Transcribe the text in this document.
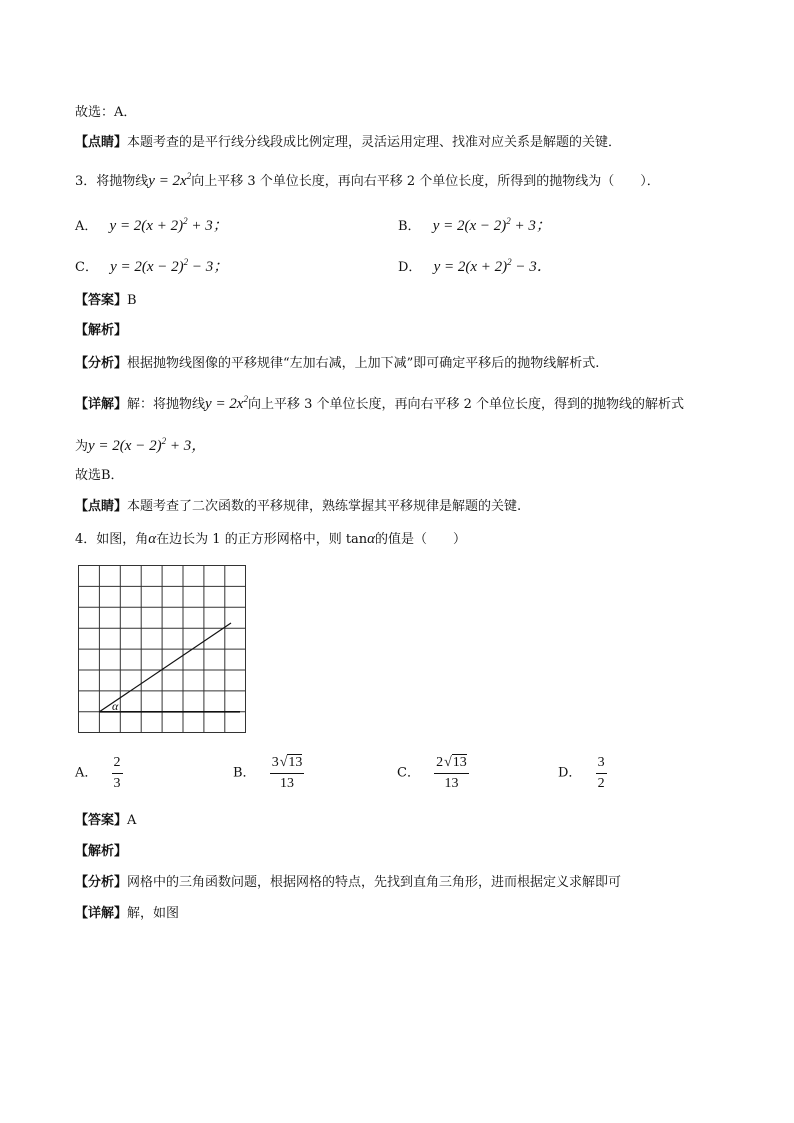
故选：A．
【点睛】本题考查的是平行线分线段成比例定理，灵活运用定理、找准对应关系是解题的关键．
3．将抛物线$y = 2x^2$向上平移 3 个单位长度，再向右平移 2 个单位长度，所得到的抛物线为（　　）．
A． $y = 2(x + 2)^2 + 3$；	B． $y = 2(x - 2)^2 + 3$；
C． $y = 2(x - 2)^2 - 3$；	D． $y = 2(x + 2)^2 - 3$．
【答案】B
【解析】
【分析】根据抛物线图像的平移规律“左加右减，上加下减”即可确定平移后的抛物线解析式.
【详解】解：将抛物线$y = 2x^2$向上平移 3 个单位长度，再向右平移 2 个单位长度，得到的抛物线的解析式
为$y = 2(x - 2)^2 + 3$，
故选B．
【点睛】本题考查了二次函数的平移规律，熟练掌握其平移规律是解题的关键.
4．如图，角α在边长为 1 的正方形网格中，则 tanα的值是（　　）
α
A． $\frac{2}{3}$	B． $\frac{3√13}{13}$	C． $\frac{2√13}{13}$	D． $\frac{3}{2}$
【答案】A
【解析】
【分析】网格中的三角函数问题，根据网格的特点，先找到直角三角形，进而根据定义求解即可
【详解】解，如图
